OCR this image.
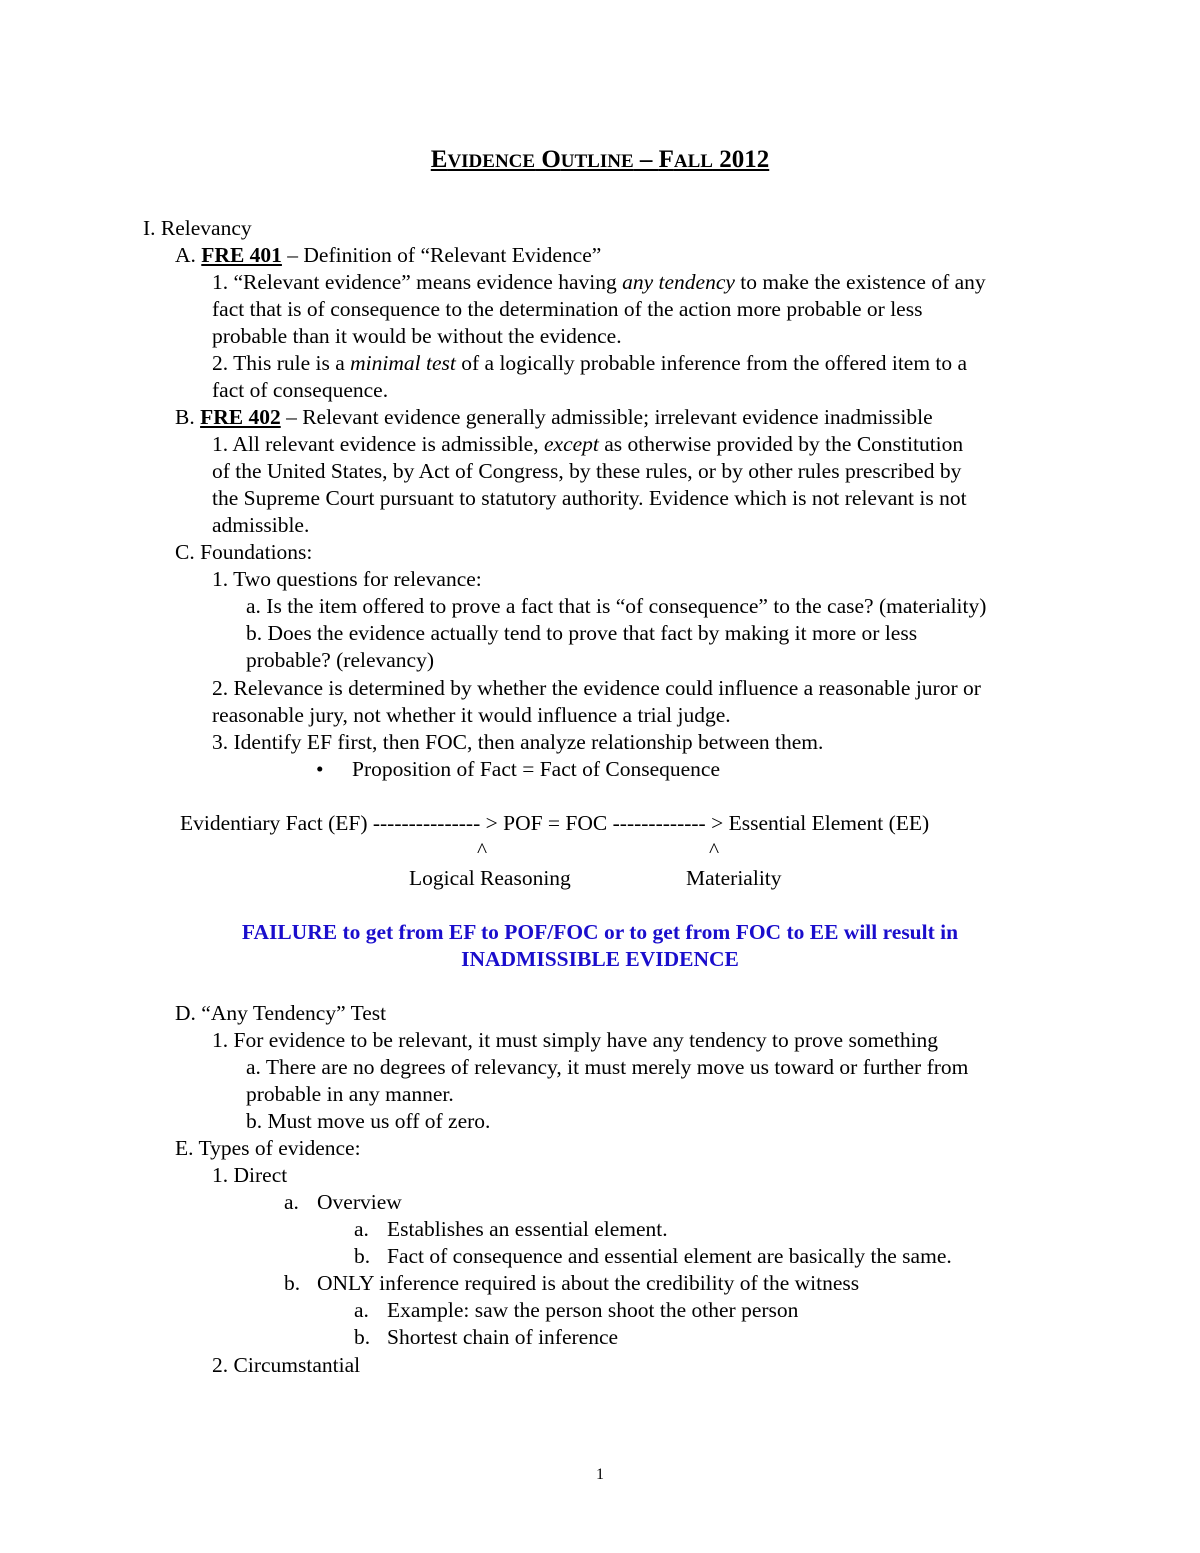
EVIDENCE OUTLINE – FALL 2012
I. Relevancy
A. FRE 401 – Definition of “Relevant Evidence”
1. “Relevant evidence” means evidence having any tendency to make the existence of any
fact that is of consequence to the determination of the action more probable or less
probable than it would be without the evidence.
2. This rule is a minimal test of a logically probable inference from the offered item to a
fact of consequence.
B. FRE 402 – Relevant evidence generally admissible; irrelevant evidence inadmissible
1. All relevant evidence is admissible, except as otherwise provided by the Constitution
of the United States, by Act of Congress, by these rules, or by other rules prescribed by
the Supreme Court pursuant to statutory authority. Evidence which is not relevant is not
admissible.
C. Foundations:
1. Two questions for relevance:
a. Is the item offered to prove a fact that is “of consequence” to the case? (materiality)
b. Does the evidence actually tend to prove that fact by making it more or less
probable? (relevancy)
2. Relevance is determined by whether the evidence could influence a reasonable juror or
reasonable jury, not whether it would influence a trial judge.
3. Identify EF first, then FOC, then analyze relationship between them.
• Proposition of Fact = Fact of Consequence
Evidentiary Fact (EF) --------------- > POF = FOC ------------- > Essential Element (EE)
^	^
Logical Reasoning	Materiality
FAILURE to get from EF to POF/FOC or to get from FOC to EE will result in
INADMISSIBLE EVIDENCE
D. “Any Tendency” Test
1. For evidence to be relevant, it must simply have any tendency to prove something
a. There are no degrees of relevancy, it must merely move us toward or further from
probable in any manner.
b. Must move us off of zero.
E. Types of evidence:
1. Direct
a. Overview
a. Establishes an essential element.
b. Fact of consequence and essential element are basically the same.
b. ONLY inference required is about the credibility of the witness
a. Example: saw the person shoot the other person
b. Shortest chain of inference
2. Circumstantial
1
